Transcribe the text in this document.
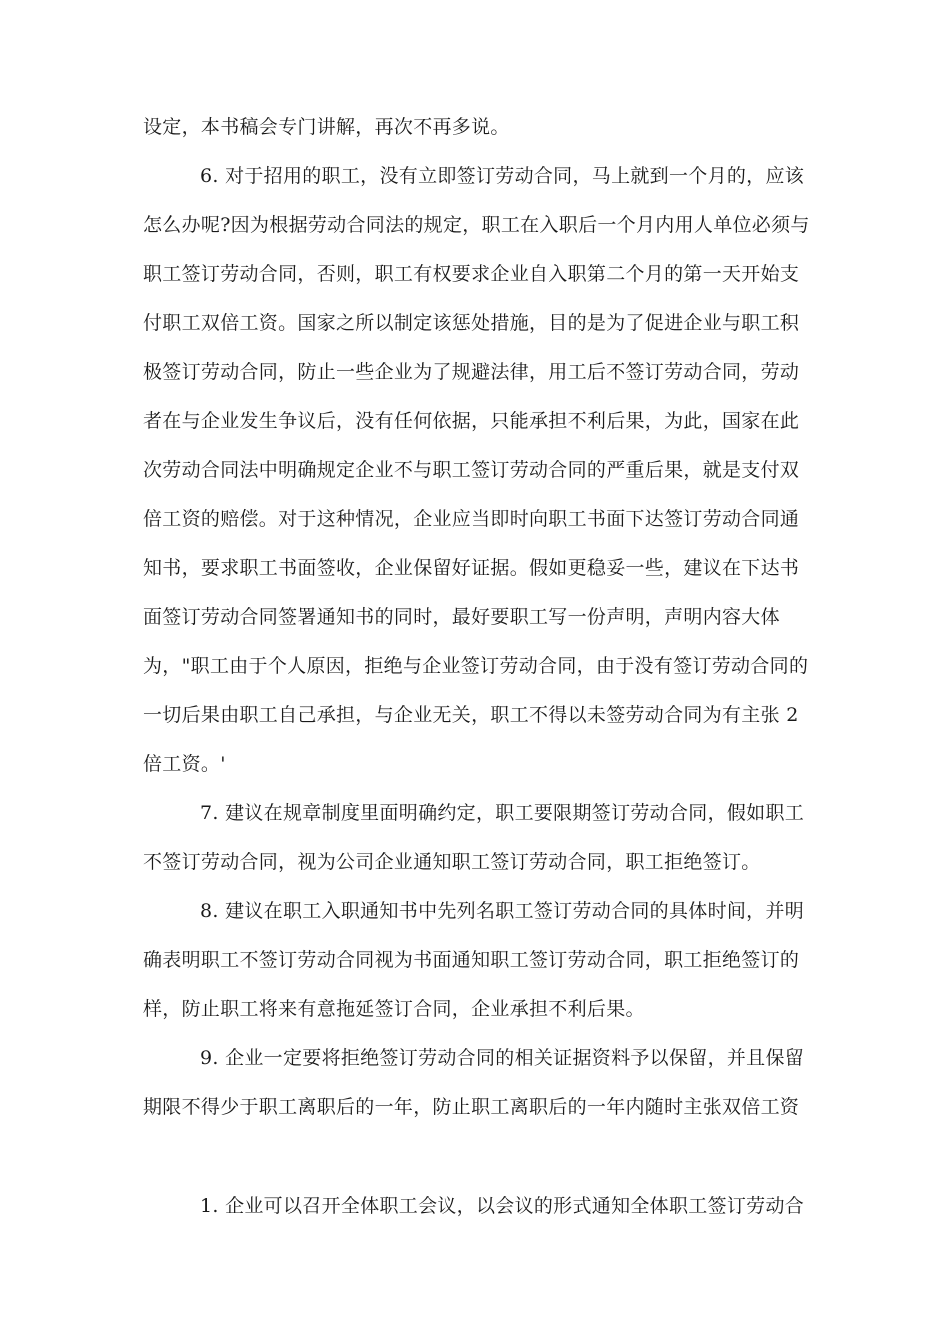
设定，本书稿会专门讲解，再次不再多说。
6. 对于招用的职工，没有立即签订劳动合同，马上就到一个月的，应该
怎么办呢?因为根据劳动合同法的规定，职工在入职后一个月内用人单位必须与
职工签订劳动合同，否则，职工有权要求企业自入职第二个月的第一天开始支
付职工双倍工资。国家之所以制定该惩处措施，目的是为了促进企业与职工积
极签订劳动合同，防止一些企业为了规避法律，用工后不签订劳动合同，劳动
者在与企业发生争议后，没有任何依据，只能承担不利后果，为此，国家在此
次劳动合同法中明确规定企业不与职工签订劳动合同的严重后果，就是支付双
倍工资的赔偿。对于这种情况，企业应当即时向职工书面下达签订劳动合同通
知书，要求职工书面签收，企业保留好证据。假如更稳妥一些，建议在下达书
面签订劳动合同签署通知书的同时，最好要职工写一份声明，声明内容大体
为，"职工由于个人原因，拒绝与企业签订劳动合同，由于没有签订劳动合同的
一切后果由职工自己承担，与企业无关，职工不得以未签劳动合同为有主张 2
倍工资。'
7. 建议在规章制度里面明确约定，职工要限期签订劳动合同，假如职工
不签订劳动合同，视为公司企业通知职工签订劳动合同，职工拒绝签订。
8. 建议在职工入职通知书中先列名职工签订劳动合同的具体时间，并明
确表明职工不签订劳动合同视为书面通知职工签订劳动合同，职工拒绝签订的
样，防止职工将来有意拖延签订合同，企业承担不利后果。
9. 企业一定要将拒绝签订劳动合同的相关证据资料予以保留，并且保留
期限不得少于职工离职后的一年，防止职工离职后的一年内随时主张双倍工资
1. 企业可以召开全体职工会议，以会议的形式通知全体职工签订劳动合
